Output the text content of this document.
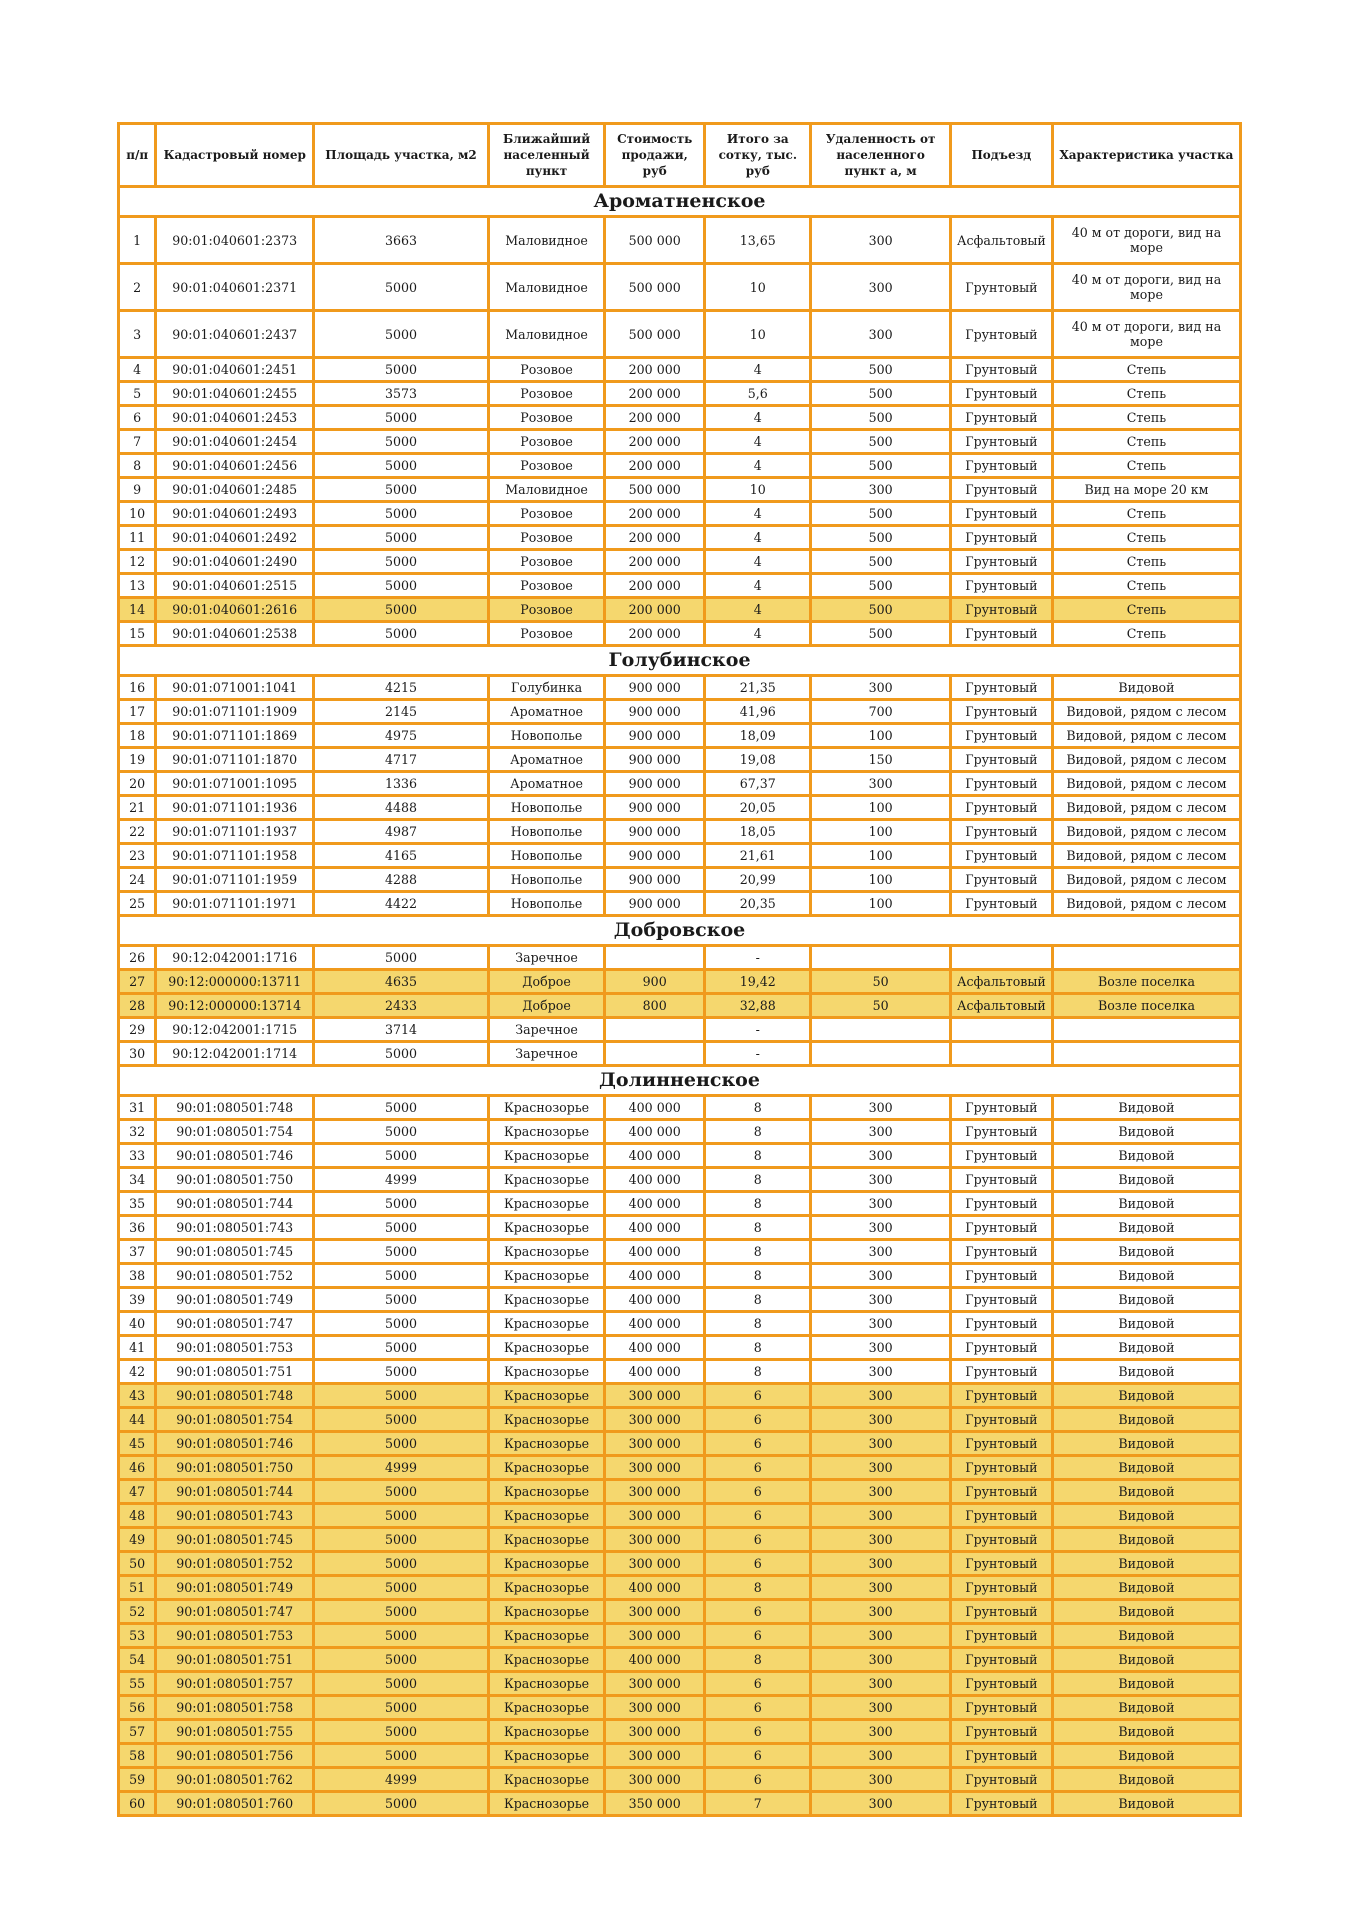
п/п	Кадастровый номер	Площадь участка, м2	Ближайший населенный пункт	Стоимость продажи, руб	Итого за сотку, тыс. руб	Удаленность от населенного пункт а, м	Подъезд	Характеристика участка
Ароматненское								
1	90:01:040601:2373	3663	Маловидное	500 000	13,65	300	Асфальтовый	40 м от дороги, вид на море
2	90:01:040601:2371	5000	Маловидное	500 000	10	300	Грунтовый	40 м от дороги, вид на море
3	90:01:040601:2437	5000	Маловидное	500 000	10	300	Грунтовый	40 м от дороги, вид на море
4	90:01:040601:2451	5000	Розовое	200 000	4	500	Грунтовый	Степь
5	90:01:040601:2455	3573	Розовое	200 000	5,6	500	Грунтовый	Степь
6	90:01:040601:2453	5000	Розовое	200 000	4	500	Грунтовый	Степь
7	90:01:040601:2454	5000	Розовое	200 000	4	500	Грунтовый	Степь
8	90:01:040601:2456	5000	Розовое	200 000	4	500	Грунтовый	Степь
9	90:01:040601:2485	5000	Маловидное	500 000	10	300	Грунтовый	Вид на море 20 км
10	90:01:040601:2493	5000	Розовое	200 000	4	500	Грунтовый	Степь
11	90:01:040601:2492	5000	Розовое	200 000	4	500	Грунтовый	Степь
12	90:01:040601:2490	5000	Розовое	200 000	4	500	Грунтовый	Степь
13	90:01:040601:2515	5000	Розовое	200 000	4	500	Грунтовый	Степь
14	90:01:040601:2616	5000	Розовое	200 000	4	500	Грунтовый	Степь
15	90:01:040601:2538	5000	Розовое	200 000	4	500	Грунтовый	Степь
Голубинское								
16	90:01:071001:1041	4215	Голубинка	900 000	21,35	300	Грунтовый	Видовой
17	90:01:071101:1909	2145	Ароматное	900 000	41,96	700	Грунтовый	Видовой, рядом с лесом
18	90:01:071101:1869	4975	Новополье	900 000	18,09	100	Грунтовый	Видовой, рядом с лесом
19	90:01:071101:1870	4717	Ароматное	900 000	19,08	150	Грунтовый	Видовой, рядом с лесом
20	90:01:071001:1095	1336	Ароматное	900 000	67,37	300	Грунтовый	Видовой, рядом с лесом
21	90:01:071101:1936	4488	Новополье	900 000	20,05	100	Грунтовый	Видовой, рядом с лесом
22	90:01:071101:1937	4987	Новополье	900 000	18,05	100	Грунтовый	Видовой, рядом с лесом
23	90:01:071101:1958	4165	Новополье	900 000	21,61	100	Грунтовый	Видовой, рядом с лесом
24	90:01:071101:1959	4288	Новополье	900 000	20,99	100	Грунтовый	Видовой, рядом с лесом
25	90:01:071101:1971	4422	Новополье	900 000	20,35	100	Грунтовый	Видовой, рядом с лесом
Добровское								
26	90:12:042001:1716	5000	Заречное		-			
27	90:12:000000:13711	4635	Доброе	900	19,42	50	Асфальтовый	Возле поселка
28	90:12:000000:13714	2433	Доброе	800	32,88	50	Асфальтовый	Возле поселка
29	90:12:042001:1715	3714	Заречное		-			
30	90:12:042001:1714	5000	Заречное		-			
Долинненское								
31	90:01:080501:748	5000	Краснозорье	400 000	8	300	Грунтовый	Видовой
32	90:01:080501:754	5000	Краснозорье	400 000	8	300	Грунтовый	Видовой
33	90:01:080501:746	5000	Краснозорье	400 000	8	300	Грунтовый	Видовой
34	90:01:080501:750	4999	Краснозорье	400 000	8	300	Грунтовый	Видовой
35	90:01:080501:744	5000	Краснозорье	400 000	8	300	Грунтовый	Видовой
36	90:01:080501:743	5000	Краснозорье	400 000	8	300	Грунтовый	Видовой
37	90:01:080501:745	5000	Краснозорье	400 000	8	300	Грунтовый	Видовой
38	90:01:080501:752	5000	Краснозорье	400 000	8	300	Грунтовый	Видовой
39	90:01:080501:749	5000	Краснозорье	400 000	8	300	Грунтовый	Видовой
40	90:01:080501:747	5000	Краснозорье	400 000	8	300	Грунтовый	Видовой
41	90:01:080501:753	5000	Краснозорье	400 000	8	300	Грунтовый	Видовой
42	90:01:080501:751	5000	Краснозорье	400 000	8	300	Грунтовый	Видовой
43	90:01:080501:748	5000	Краснозорье	300 000	6	300	Грунтовый	Видовой
44	90:01:080501:754	5000	Краснозорье	300 000	6	300	Грунтовый	Видовой
45	90:01:080501:746	5000	Краснозорье	300 000	6	300	Грунтовый	Видовой
46	90:01:080501:750	4999	Краснозорье	300 000	6	300	Грунтовый	Видовой
47	90:01:080501:744	5000	Краснозорье	300 000	6	300	Грунтовый	Видовой
48	90:01:080501:743	5000	Краснозорье	300 000	6	300	Грунтовый	Видовой
49	90:01:080501:745	5000	Краснозорье	300 000	6	300	Грунтовый	Видовой
50	90:01:080501:752	5000	Краснозорье	300 000	6	300	Грунтовый	Видовой
51	90:01:080501:749	5000	Краснозорье	400 000	8	300	Грунтовый	Видовой
52	90:01:080501:747	5000	Краснозорье	300 000	6	300	Грунтовый	Видовой
53	90:01:080501:753	5000	Краснозорье	300 000	6	300	Грунтовый	Видовой
54	90:01:080501:751	5000	Краснозорье	400 000	8	300	Грунтовый	Видовой
55	90:01:080501:757	5000	Краснозорье	300 000	6	300	Грунтовый	Видовой
56	90:01:080501:758	5000	Краснозорье	300 000	6	300	Грунтовый	Видовой
57	90:01:080501:755	5000	Краснозорье	300 000	6	300	Грунтовый	Видовой
58	90:01:080501:756	5000	Краснозорье	300 000	6	300	Грунтовый	Видовой
59	90:01:080501:762	4999	Краснозорье	300 000	6	300	Грунтовый	Видовой
60	90:01:080501:760	5000	Краснозорье	350 000	7	300	Грунтовый	Видовой
